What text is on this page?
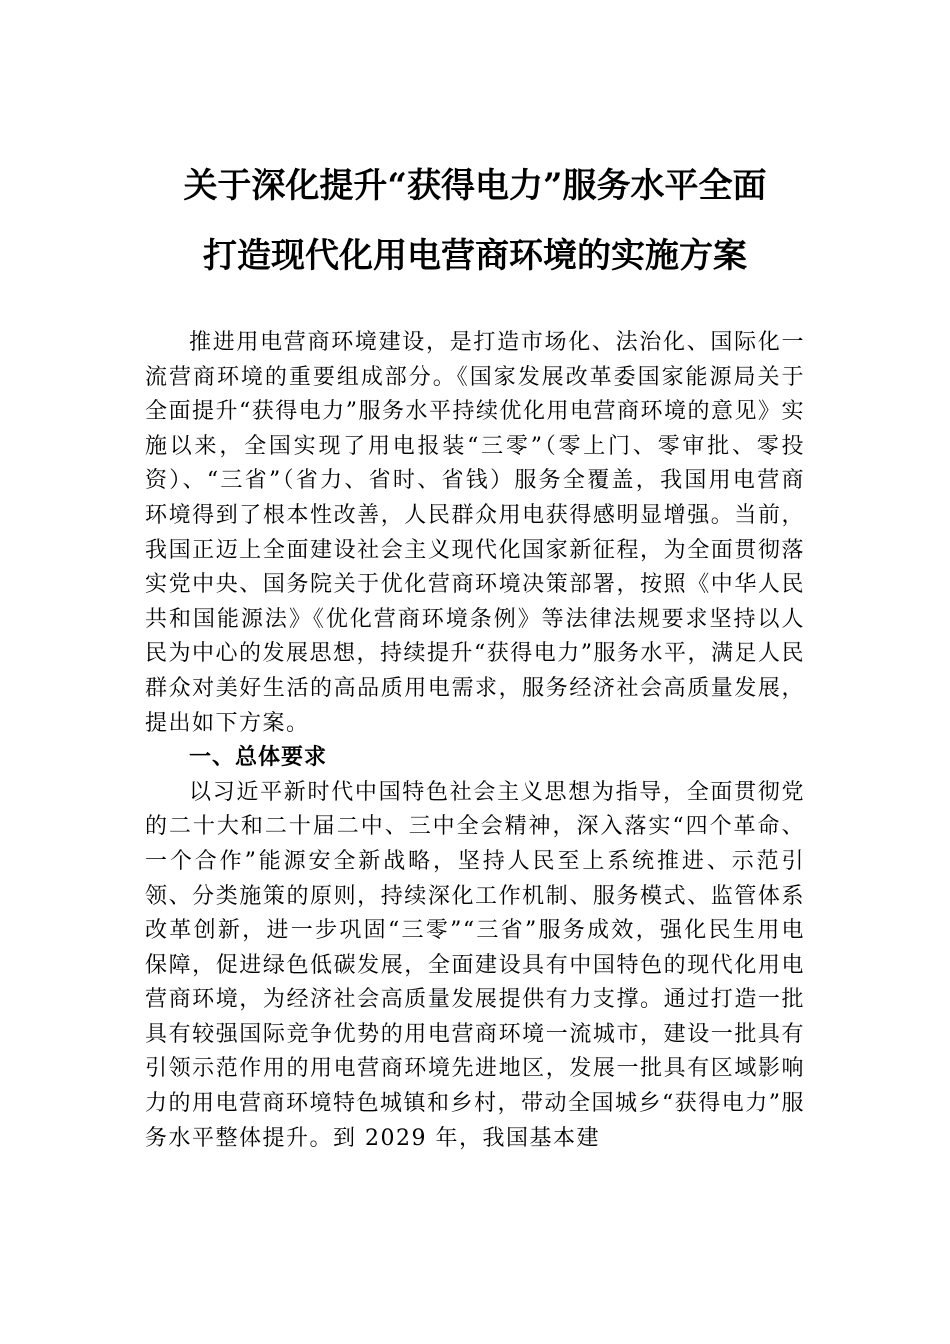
关于深化提升“获得电力”服务水平全面
打造现代化用电营商环境的实施方案

推进用电营商环境建设，是打造市场化、法治化、国际化一流营商环境的重要组成部分。《国家发展改革委国家能源局关于全面提升“获得电力”服务水平持续优化用电营商环境的意见》实施以来，全国实现了用电报装“三零”（零上门、零审批、零投资）、“三省”（省力、省时、省钱）服务全覆盖，我国用电营商环境得到了根本性改善，人民群众用电获得感明显增强。当前，我国正迈上全面建设社会主义现代化国家新征程，为全面贯彻落实党中央、国务院关于优化营商环境决策部署，按照《中华人民共和国能源法》《优化营商环境条例》等法律法规要求坚持以人民为中心的发展思想，持续提升“获得电力”服务水平，满足人民群众对美好生活的高品质用电需求，服务经济社会高质量发展，提出如下方案。

一、总体要求

以习近平新时代中国特色社会主义思想为指导，全面贯彻党的二十大和二十届二中、三中全会精神，深入落实“四个革命、一个合作”能源安全新战略，坚持人民至上系统推进、示范引领、分类施策的原则，持续深化工作机制、服务模式、监管体系改革创新，进一步巩固“三零”“三省”服务成效，强化民生用电保障，促进绿色低碳发展，全面建设具有中国特色的现代化用电营商环境，为经济社会高质量发展提供有力支撑。通过打造一批具有较强国际竞争优势的用电营商环境一流城市，建设一批具有引领示范作用的用电营商环境先进地区，发展一批具有区域影响力的用电营商环境特色城镇和乡村，带动全国城乡“获得电力”服务水平整体提升。到 2029 年，我国基本建
